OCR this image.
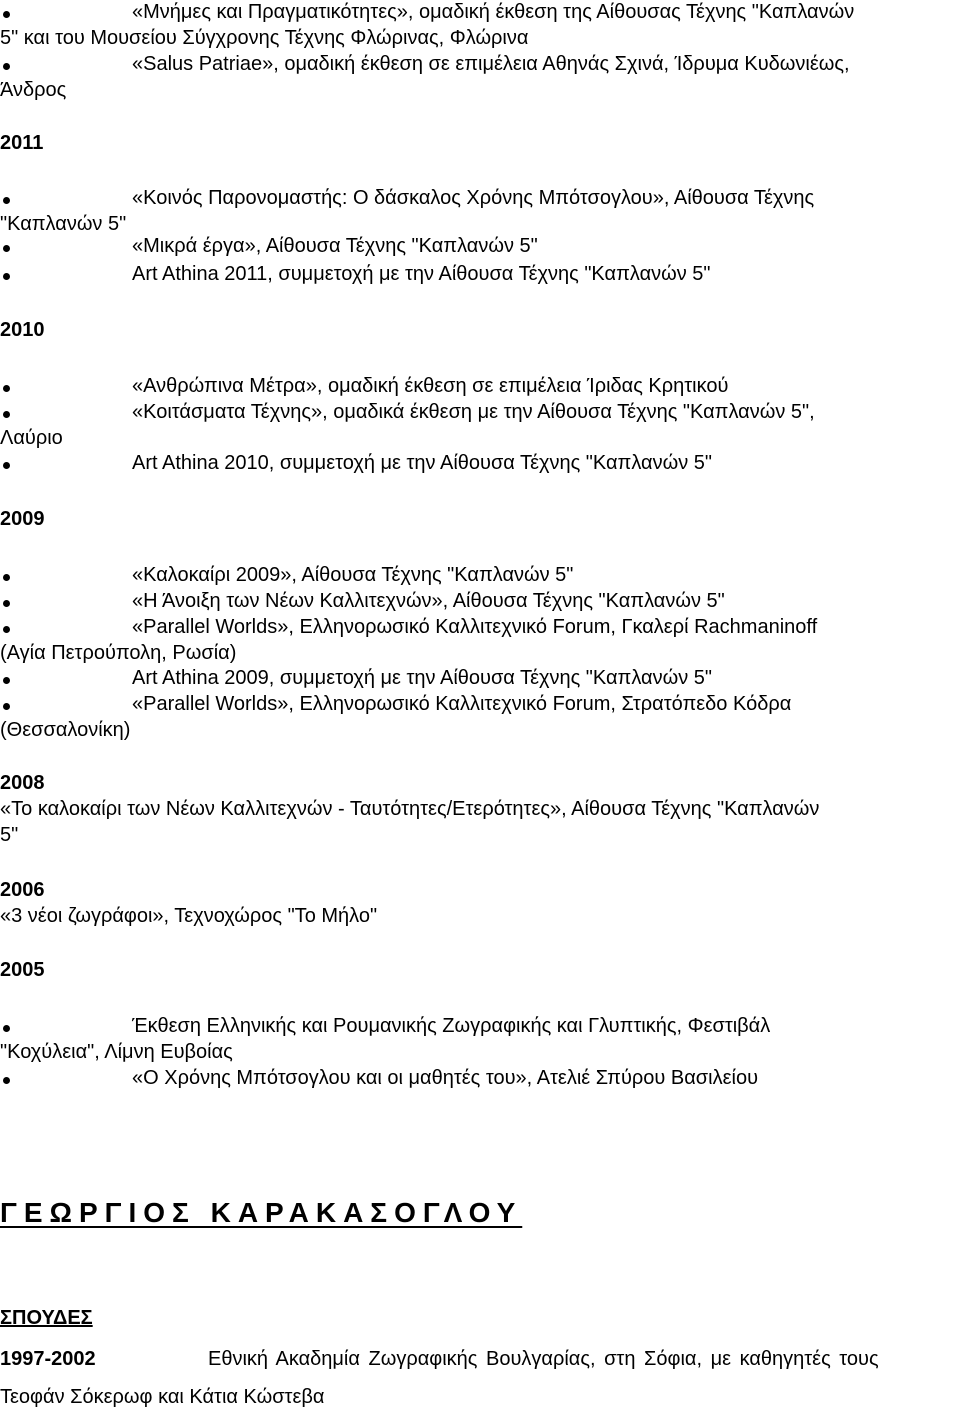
«Μνήμες και Πραγματικότητες», ομαδική έκθεση της Αίθουσας Τέχνης "Καπλανών
5" και του Μουσείου Σύγχρονης Τέχνης Φλώρινας, Φλώρινα
«Salus Patriae», ομαδική έκθεση σε επιμέλεια Αθηνάς Σχινά, Ίδρυμα Κυδωνιέως,
Άνδρος
2011
«Κοινός Παρονομαστής: Ο δάσκαλος Χρόνης Μπότσογλου», Αίθουσα Τέχνης
"Καπλανών 5"
«Μικρά έργα», Αίθουσα Τέχνης "Καπλανών 5"
Art Athina 2011, συμμετοχή με την Αίθουσα Τέχνης "Καπλανών 5"
2010
«Ανθρώπινα Μέτρα», ομαδική έκθεση σε επιμέλεια Ίριδας Κρητικού
«Κοιτάσματα Τέχνης», ομαδικά έκθεση με την Αίθουσα Τέχνης "Καπλανών 5",
Λαύριο
Art Athina 2010, συμμετοχή με την Αίθουσα Τέχνης "Καπλανών 5"
2009
«Καλοκαίρι 2009», Αίθουσα Τέχνης "Καπλανών 5"
«Η Άνοιξη των Νέων Καλλιτεχνών», Αίθουσα Τέχνης "Καπλανών 5"
«Parallel Worlds», Ελληνορωσικό Καλλιτεχνικό Forum, Γκαλερί Rachmaninoff
(Αγία Πετρούπολη, Ρωσία)
Art Athina 2009, συμμετοχή με την Αίθουσα Τέχνης "Καπλανών 5"
«Parallel Worlds», Ελληνορωσικό Καλλιτεχνικό Forum, Στρατόπεδο Κόδρα
(Θεσσαλονίκη)
2008
«Το καλοκαίρι των Νέων Καλλιτεχνών - Ταυτότητες/Ετερότητες», Αίθουσα Τέχνης "Καπλανών
5"
2006
«3 νέοι ζωγράφοι», Τεχνοχώρος "Το Μήλο"
2005
Έκθεση Ελληνικής και Ρουμανικής Ζωγραφικής και Γλυπτικής, Φεστιβάλ
"Κοχύλεια", Λίμνη Ευβοίας
«Ο Χρόνης Μπότσογλου και οι μαθητές του», Ατελιέ Σπύρου Βασιλείου
ΓΕΩΡΓΙΟΣ ΚΑΡΑΚΑΣΟΓΛΟΥ
ΣΠΟΥΔΕΣ
1997-2002	Εθνική Ακαδημία Ζωγραφικής Βουλγαρίας, στη Σόφια, με καθηγητές τους
Τεοφάν Σόκερωφ και Κάτια Κώστεβα
